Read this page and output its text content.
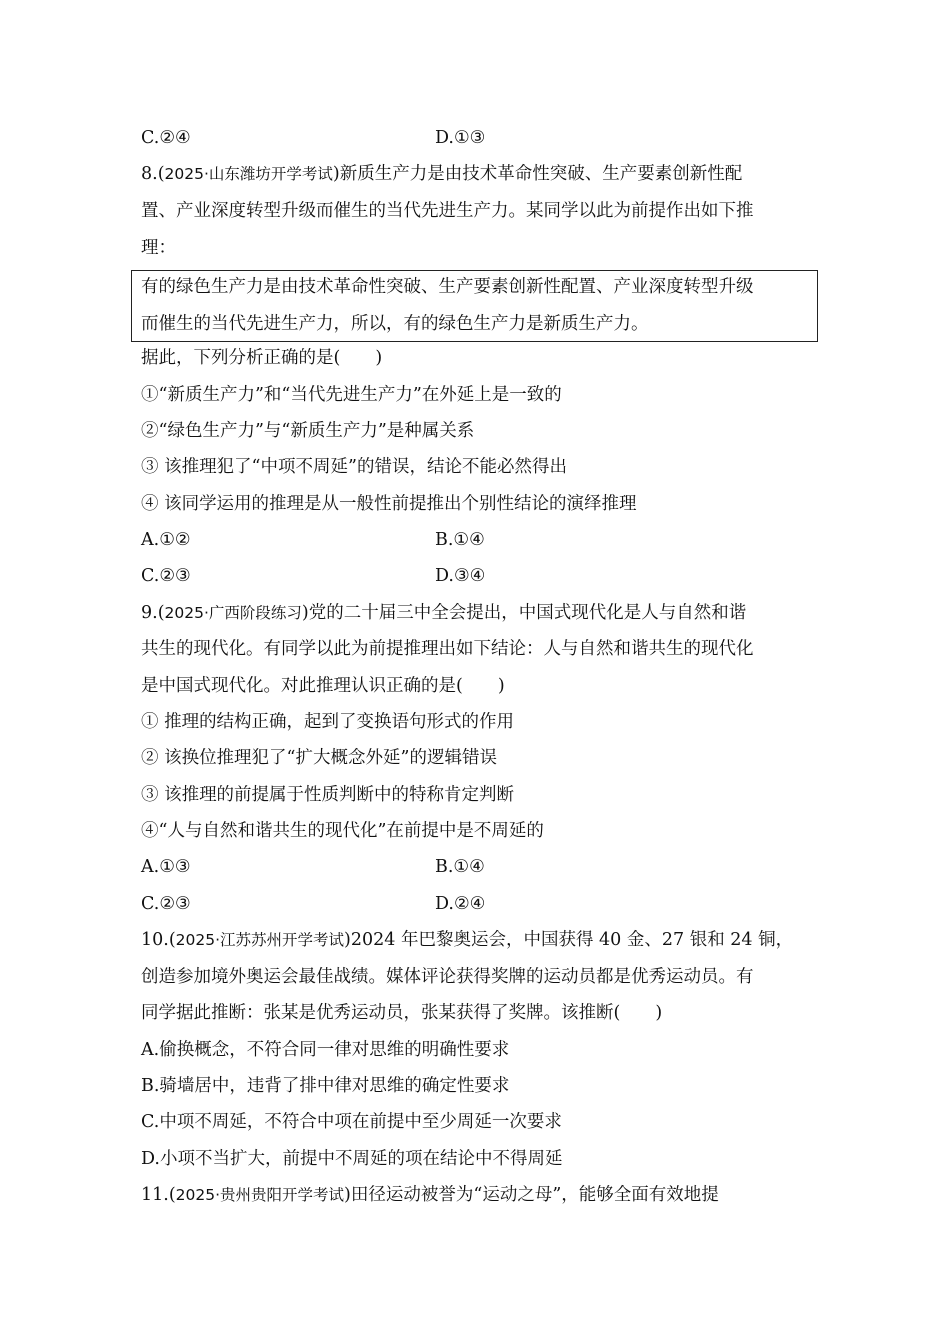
C.②④	D.①③
8.(2025·山东潍坊开学考试)新质生产力是由技术革命性突破、生产要素创新性配
置、产业深度转型升级而催生的当代先进生产力。某同学以此为前提作出如下推
理：
有的绿色生产力是由技术革命性突破、生产要素创新性配置、产业深度转型升级
而催生的当代先进生产力，所以，有的绿色生产力是新质生产力。
据此，下列分析正确的是(　　)
①“新质生产力”和“当代先进生产力”在外延上是一致的
②“绿色生产力”与“新质生产力”是种属关系
③ 该推理犯了“中项不周延”的错误，结论不能必然得出
④ 该同学运用的推理是从一般性前提推出个别性结论的演绎推理
A.①②	B.①④
C.②③	D.③④
9.(2025·广西阶段练习)党的二十届三中全会提出，中国式现代化是人与自然和谐
共生的现代化。有同学以此为前提推理出如下结论：人与自然和谐共生的现代化
是中国式现代化。对此推理认识正确的是(　　)
① 推理的结构正确，起到了变换语句形式的作用
② 该换位推理犯了“扩大概念外延”的逻辑错误
③ 该推理的前提属于性质判断中的特称肯定判断
④“人与自然和谐共生的现代化”在前提中是不周延的
A.①③	B.①④
C.②③	D.②④
10.(2025·江苏苏州开学考试)2024 年巴黎奥运会，中国获得 40 金、27 银和 24 铜，
创造参加境外奥运会最佳战绩。媒体评论获得奖牌的运动员都是优秀运动员。有
同学据此推断：张某是优秀运动员，张某获得了奖牌。该推断(　　)
A.偷换概念，不符合同一律对思维的明确性要求
B.骑墙居中，违背了排中律对思维的确定性要求
C.中项不周延，不符合中项在前提中至少周延一次要求
D.小项不当扩大，前提中不周延的项在结论中不得周延
11.(2025·贵州贵阳开学考试)田径运动被誉为“运动之母”，能够全面有效地提
